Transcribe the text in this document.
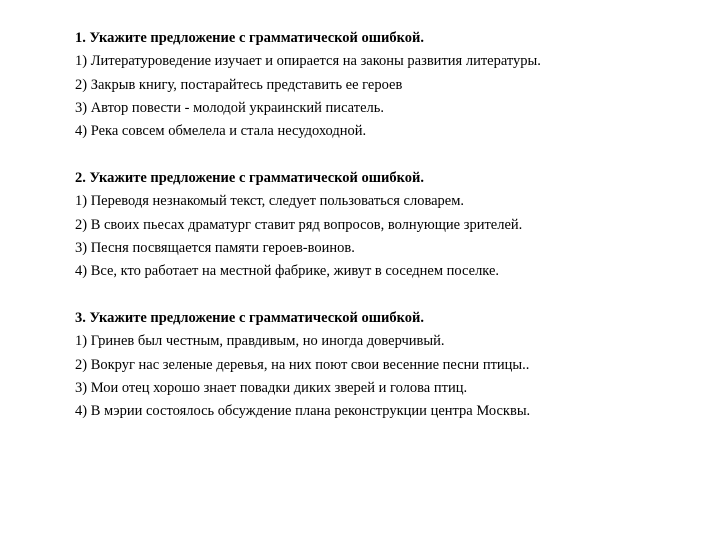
1. Укажите предложение с грамматической ошибкой.
1) Литературоведение изучает и опирается на законы развития литературы.
2) Закрыв книгу, постарайтесь представить ее героев
3) Автор повести - молодой украинский писатель.
4) Река совсем обмелела и стала несудоходной.
2. Укажите предложение с грамматической ошибкой.
1) Переводя незнакомый текст, следует пользоваться словарем.
2) В своих пьесах драматург ставит ряд вопросов, волнующие зрителей.
3) Песня посвящается памяти героев-воинов.
4) Все, кто работает на местной фабрике, живут в соседнем поселке.
3. Укажите предложение с грамматической ошибкой.
1) Гринев был честным, правдивым, но иногда доверчивый.
2) Вокруг нас зеленые деревья, на них поют свои весенние песни птицы..
3) Мои отец хорошо знает повадки диких зверей и голова птиц.
4) В мэрии состоялось обсуждение плана реконструкции центра Москвы.
